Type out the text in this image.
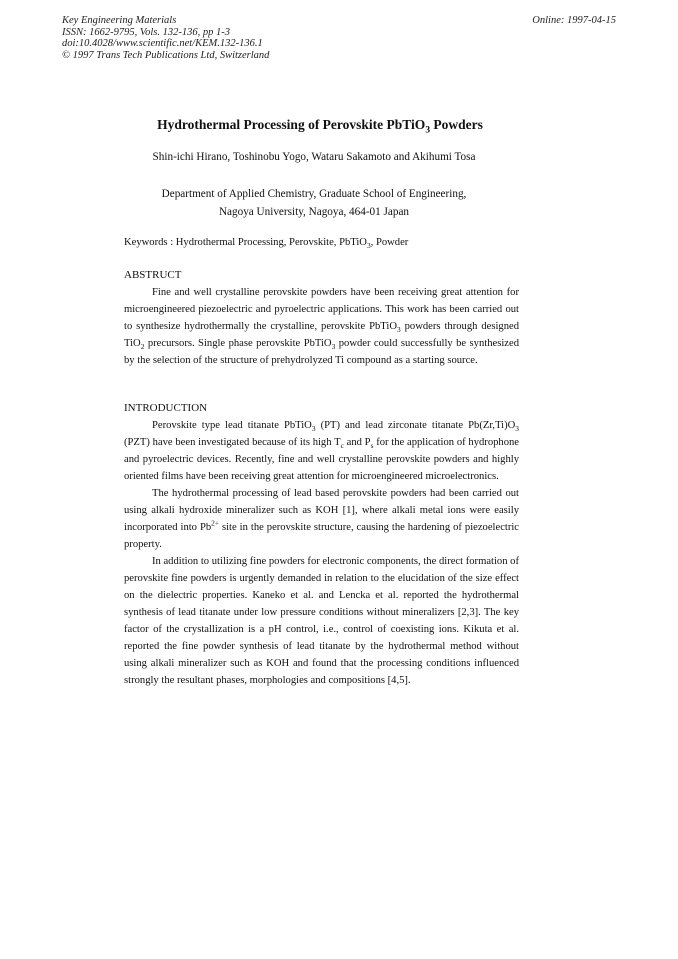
Key Engineering Materials
ISSN: 1662-9795, Vols. 132-136, pp 1-3
doi:10.4028/www.scientific.net/KEM.132-136.1
© 1997 Trans Tech Publications Ltd, Switzerland
Online: 1997-04-15
Hydrothermal Processing of Perovskite PbTiO$_3$ Powders
Shin-ichi Hirano, Toshinobu Yogo, Wataru Sakamoto and Akihumi Tosa
Department of Applied Chemistry, Graduate School of Engineering,
Nagoya University, Nagoya, 464-01 Japan
Keywords : Hydrothermal Processing, Perovskite, PbTiO$_3$, Powder
ABSTRUCT

Fine and well crystalline perovskite powders have been receiving great attention for microengineered piezoelectric and pyroelectric applications. This work has been carried out to synthesize hydrothermally the crystalline, perovskite PbTiO$_3$ powders through designed TiO$_2$ precursors. Single phase perovskite PbTiO$_3$ powder could successfully be synthesized by the selection of the structure of prehydrolyzed Ti compound as a starting source.

INTRODUCTION

Perovskite type lead titanate PbTiO$_3$ (PT) and lead zirconate titanate $Pb(Zr,Ti)O_3$ (PZT) have been investigated because of its high $T_c$ and $P_s$ for the application of hydrophone and pyroelectric devices. Recently, fine and well crystalline perovskite powders and highly oriented films have been receiving great attention for microengineered microelectronics.

The hydrothermal processing of lead based perovskite powders had been carried out using alkali hydroxide mineralizer such as KOH [1], where alkali metal ions were easily incorporated into $Pb^{2+}$ site in the perovskite structure, causing the hardening of piezoelectric property.

In addition to utilizing fine powders for electronic components, the direct formation of perovskite fine powders is urgently demanded in relation to the elucidation of the size effect on the dielectric properties. Kaneko et al. and Lencka et al. reported the hydrothermal synthesis of lead titanate under low pressure conditions without mineralizers [2,3]. The key factor of the crystallization is a pH control, i.e., control of coexisting ions. Kikuta et al. reported the fine powder synthesis of lead titanate by the hydrothermal method without using alkali mineralizer such as KOH and found that the processing conditions influenced strongly the resultant phases, morphologies and compositions [4,5].
